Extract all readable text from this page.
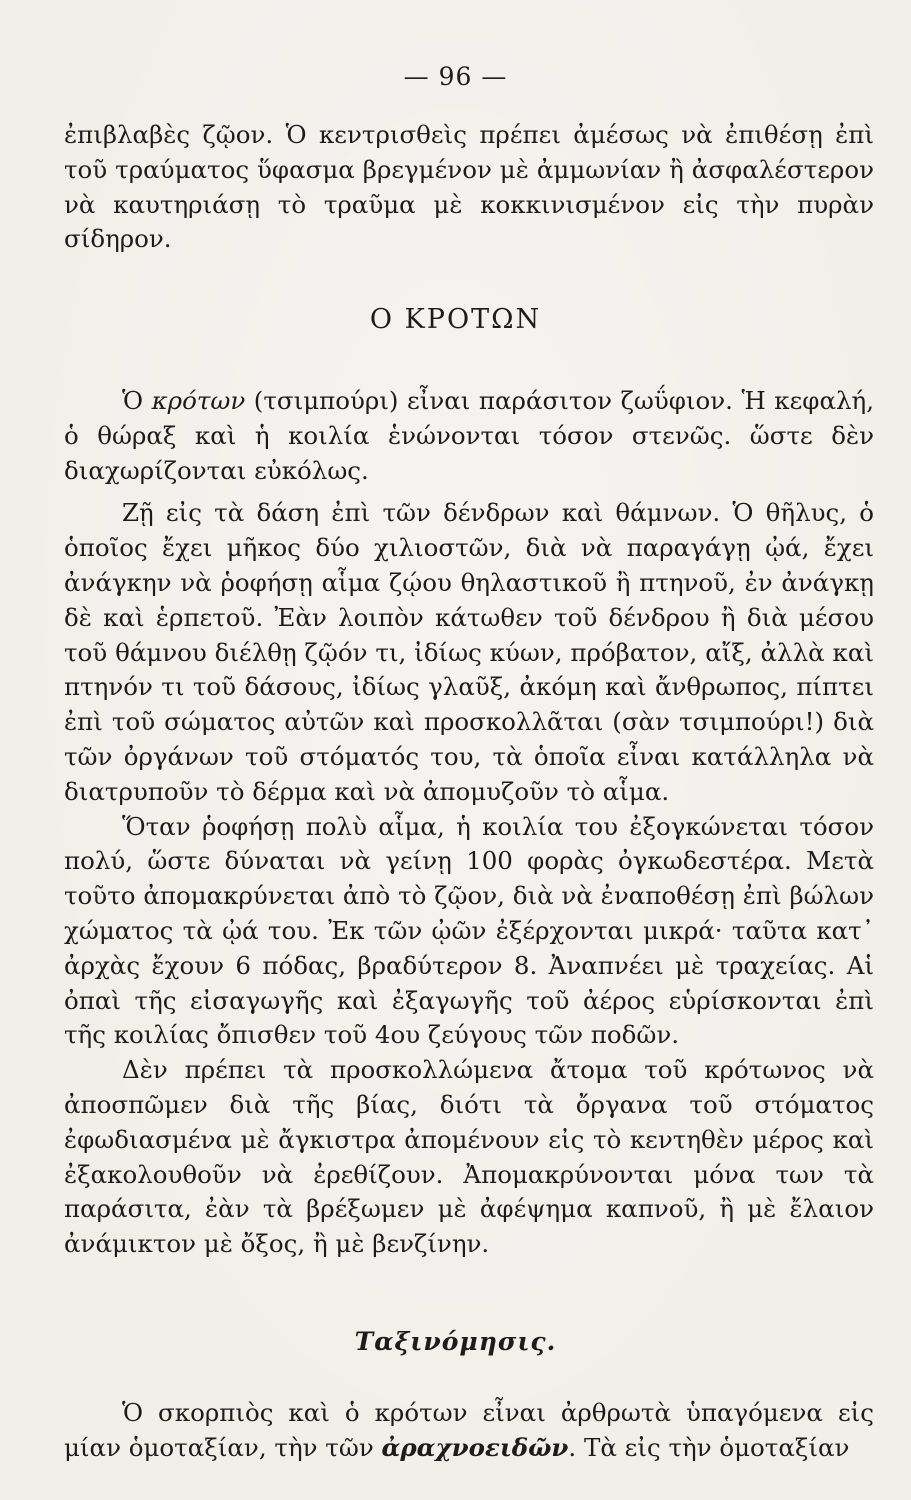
— 96 —

ἐπιβλαβὲς ζῷον. Ὁ κεντρισθεὶς πρέπει ἀμέσως νὰ ἐπιθέσῃ ἐπὶ τοῦ τραύματος ὕφασμα βρεγμένον μὲ ἀμμωνίαν ἢ ἀσφαλέστερον νὰ καυτηριάσῃ τὸ τραῦμα μὲ κοκκινισμένον εἰς τὴν πυρὰν σίδηρον.

Ο ΚΡΟΤΩΝ

Ὁ κρότων (τσιμπούρι) εἶναι παράσιτον ζωΰφιον. Ἡ κεφαλή, ὁ θώραξ καὶ ἡ κοιλία ἑνώνονται τόσον στενῶς. ὥστε δὲν διαχωρίζονται εὐκόλως.

Ζῇ εἰς τὰ δάση ἐπὶ τῶν δένδρων καὶ θάμνων. Ὁ θῆλυς, ὁ ὁποῖος ἔχει μῆκος δύο χιλιοστῶν, διὰ νὰ παραγάγῃ ᾠά, ἔχει ἀνάγκην νὰ ῥοφήσῃ αἷμα ζῴου θηλαστικοῦ ἢ πτηνοῦ, ἐν ἀνάγκῃ δὲ καὶ ἑρπετοῦ. Ἐὰν λοιπὸν κάτωθεν τοῦ δένδρου ἢ διὰ μέσου τοῦ θάμνου διέλθῃ ζῷόν τι, ἰδίως κύων, πρόβατον, αἴξ, ἀλλὰ καὶ πτηνόν τι τοῦ δάσους, ἰδίως γλαῦξ, ἀκόμη καὶ ἄνθρωπος, πίπτει ἐπὶ τοῦ σώματος αὐτῶν καὶ προσκολλᾶται (σὰν τσιμπούρι!) διὰ τῶν ὀργάνων τοῦ στόματός του, τὰ ὁποῖα εἶναι κατάλληλα νὰ διατρυποῦν τὸ δέρμα καὶ νὰ ἀπομυζοῦν τὸ αἷμα.

Ὅταν ῥοφήσῃ πολὺ αἷμα, ἡ κοιλία του ἐξογκώνεται τόσον πολύ, ὥστε δύναται νὰ γείνῃ 100 φορὰς ὀγκωδεστέρα. Μετὰ τοῦτο ἀπομακρύνεται ἀπὸ τὸ ζῷον, διὰ νὰ ἐναποθέσῃ ἐπὶ βώλων χώματος τὰ ᾠά του. Ἐκ τῶν ᾠῶν ἐξέρχονται μικρά· ταῦτα κατ᾿ ἀρχὰς ἔχουν 6 πόδας, βραδύτερον 8. Ἀναπνέει μὲ τραχείας. Αἱ ὀπαὶ τῆς εἰσαγωγῆς καὶ ἐξαγωγῆς τοῦ ἀέρος εὑρίσκονται ἐπὶ τῆς κοιλίας ὄπισθεν τοῦ 4ου ζεύγους τῶν ποδῶν.

Δὲν πρέπει τὰ προσκολλώμενα ἄτομα τοῦ κρότωνος νὰ ἀποσπῶμεν διὰ τῆς βίας, διότι τὰ ὄργανα τοῦ στόματος ἐφωδιασμένα μὲ ἄγκιστρα ἀπομένουν εἰς τὸ κεντηθὲν μέρος καὶ ἐξακολουθοῦν νὰ ἐρεθίζουν. Ἀπομακρύνονται μόνα των τὰ παράσιτα, ἐὰν τὰ βρέξωμεν μὲ ἀφέψημα καπνοῦ, ἢ μὲ ἔλαιον ἀνάμικτον μὲ ὄξος, ἢ μὲ βενζίνην.

Ταξινόμησις.

Ὁ σκορπιὸς καὶ ὁ κρότων εἶναι ἀρθρωτὰ ὑπαγόμενα εἰς μίαν ὁμοταξίαν, τὴν τῶν ἀραχνοειδῶν. Τὰ εἰς τὴν ὁμοταξίαν
